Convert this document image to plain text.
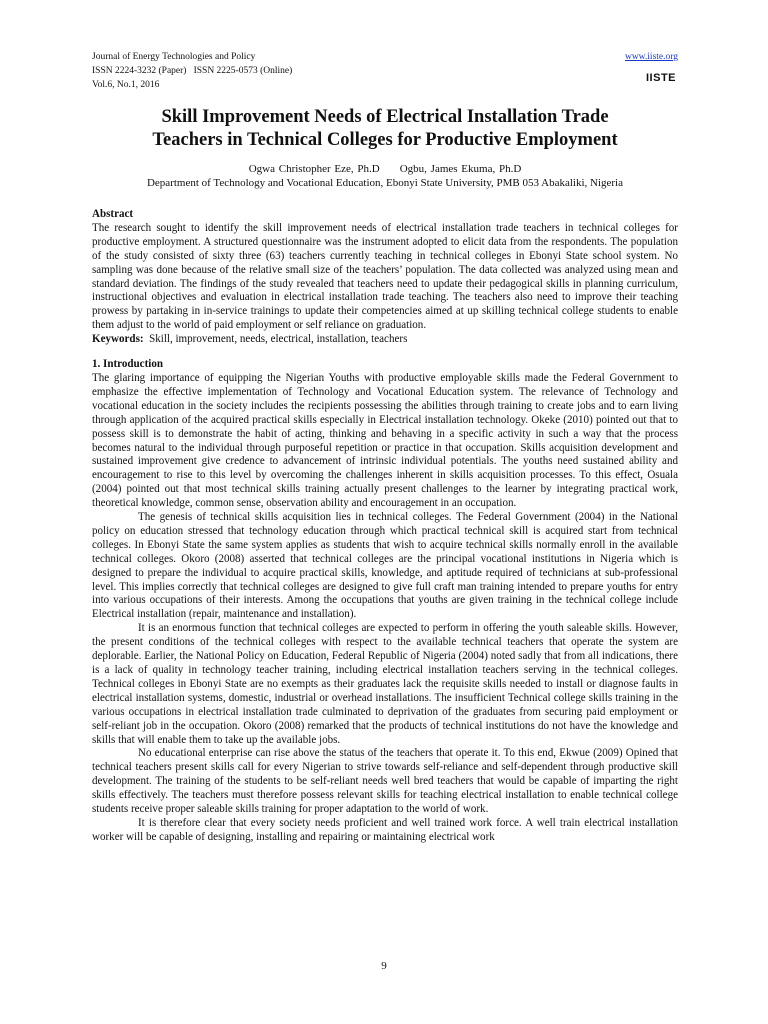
Journal of Energy Technologies and Policy
ISSN 2224-3232 (Paper)   ISSN 2225-0573 (Online)
Vol.6, No.1, 2016
www.iiste.org
IISTE
Skill Improvement Needs of Electrical Installation Trade
Teachers in Technical Colleges for Productive Employment
Ogwa Christopher Eze, Ph.D Ogbu, James Ekuma, Ph.D
Department of Technology and Vocational Education, Ebonyi State University, PMB 053 Abakaliki, Nigeria

Abstract

The research sought to identify the skill improvement needs of electrical installation trade teachers in technical colleges for productive employment. A structured questionnaire was the instrument adopted to elicit data from the respondents. The population of the study consisted of sixty three (63) teachers currently teaching in technical colleges in Ebonyi State school system. No sampling was done because of the relative small size of the teachers’ population. The data collected was analyzed using mean and standard deviation. The findings of the study revealed that teachers need to update their pedagogical skills in planning curriculum, instructional objectives and evaluation in electrical installation trade teaching. The teachers also need to improve their teaching prowess by partaking in in-service trainings to update their competencies aimed at up skilling technical college students to enable them adjust to the world of paid employment or self reliance on graduation.

Keywords: Skill, improvement, needs, electrical, installation, teachers

1. Introduction

The glaring importance of equipping the Nigerian Youths with productive employable skills made the Federal Government to emphasize the effective implementation of Technology and Vocational Education system. The relevance of Technology and vocational education in the society includes the recipients possessing the abilities through training to create jobs and to earn living through application of the acquired practical skills especially in Electrical installation technology. Okeke (2010) pointed out that to possess skill is to demonstrate the habit of acting, thinking and behaving in a specific activity in such a way that the process becomes natural to the individual through purposeful repetition or practice in that occupation. Skills acquisition development and sustained improvement give credence to advancement of intrinsic individual potentials. The youths need sustained ability and encouragement to rise to this level by overcoming the challenges inherent in skills acquisition processes. To this effect, Osuala (2004) pointed out that most technical skills training actually present challenges to the learner by integrating practical work, theoretical knowledge, common sense, observation ability and encouragement in an occupation.

The genesis of technical skills acquisition lies in technical colleges. The Federal Government (2004) in the National policy on education stressed that technology education through which practical technical skill is acquired start from technical colleges. In Ebonyi State the same system applies as students that wish to acquire technical skills normally enroll in the available technical colleges. Okoro (2008) asserted that technical colleges are the principal vocational institutions in Nigeria which is designed to prepare the individual to acquire practical skills, knowledge, and aptitude required of technicians at sub-professional level. This implies correctly that technical colleges are designed to give full craft man training intended to prepare youths for entry into various occupations of their interests. Among the occupations that youths are given training in the technical college include Electrical installation (repair, maintenance and installation).

It is an enormous function that technical colleges are expected to perform in offering the youth saleable skills. However, the present conditions of the technical colleges with respect to the available technical teachers that operate the system are deplorable. Earlier, the National Policy on Education, Federal Republic of Nigeria (2004) noted sadly that from all indications, there is a lack of quality in technology teacher training, including electrical installation teachers serving in the technical colleges. Technical colleges in Ebonyi State are no exempts as their graduates lack the requisite skills needed to install or diagnose faults in electrical installation systems, domestic, industrial or overhead installations. The insufficient Technical college skills training in the various occupations in electrical installation trade culminated to deprivation of the graduates from securing paid employment or self-reliant job in the occupation. Okoro (2008) remarked that the products of technical institutions do not have the knowledge and skills that will enable them to take up the available jobs.

No educational enterprise can rise above the status of the teachers that operate it. To this end, Ekwue (2009) Opined that technical teachers present skills call for every Nigerian to strive towards self-reliance and self-dependent through productive skill development. The training of the students to be self-reliant needs well bred teachers that would be capable of imparting the right skills effectively. The teachers must therefore possess relevant skills for teaching electrical installation to enable technical college students receive proper saleable skills training for proper adaptation to the world of work.

It is therefore clear that every society needs proficient and well trained work force. A well train electrical installation worker will be capable of designing, installing and repairing or maintaining electrical work

9
